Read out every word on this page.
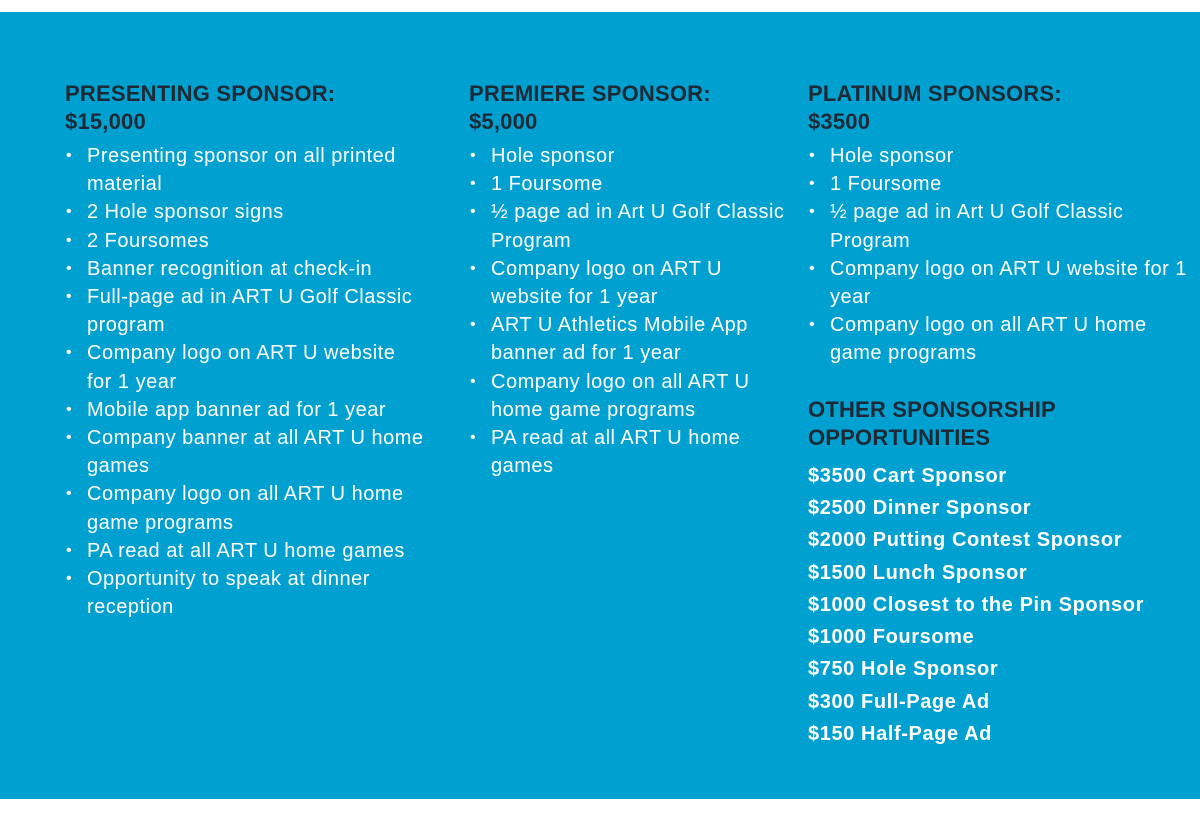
PRESENTING SPONSOR:
$15,000
• Presenting sponsor on all printed material
• 2 Hole sponsor signs
• 2 Foursomes
• Banner recognition at check-in
• Full-page ad in ART U Golf Classic program
• Company logo on ART U website for 1 year
• Mobile app banner ad for 1 year
• Company banner at all ART U home games
• Company logo on all ART U home game programs
• PA read at all ART U home games
• Opportunity to speak at dinner reception
PREMIERE SPONSOR:
$5,000
• Hole sponsor
• 1 Foursome
• ½ page ad in Art U Golf Classic Program
• Company logo on ART U website for 1 year
• ART U Athletics Mobile App banner ad for 1 year
• Company logo on all ART U home game programs
• PA read at all ART U home games
PLATINUM SPONSORS:
$3500
• Hole sponsor
• 1 Foursome
• ½ page ad in Art U Golf Classic Program
• Company logo on ART U website for 1 year
• Company logo on all ART U home game programs
OTHER SPONSORSHIP
OPPORTUNITIES
$3500 Cart Sponsor
$2500 Dinner Sponsor
$2000 Putting Contest Sponsor
$1500 Lunch Sponsor
$1000 Closest to the Pin Sponsor
$1000 Foursome
$750 Hole Sponsor
$300 Full-Page Ad
$150 Half-Page Ad
